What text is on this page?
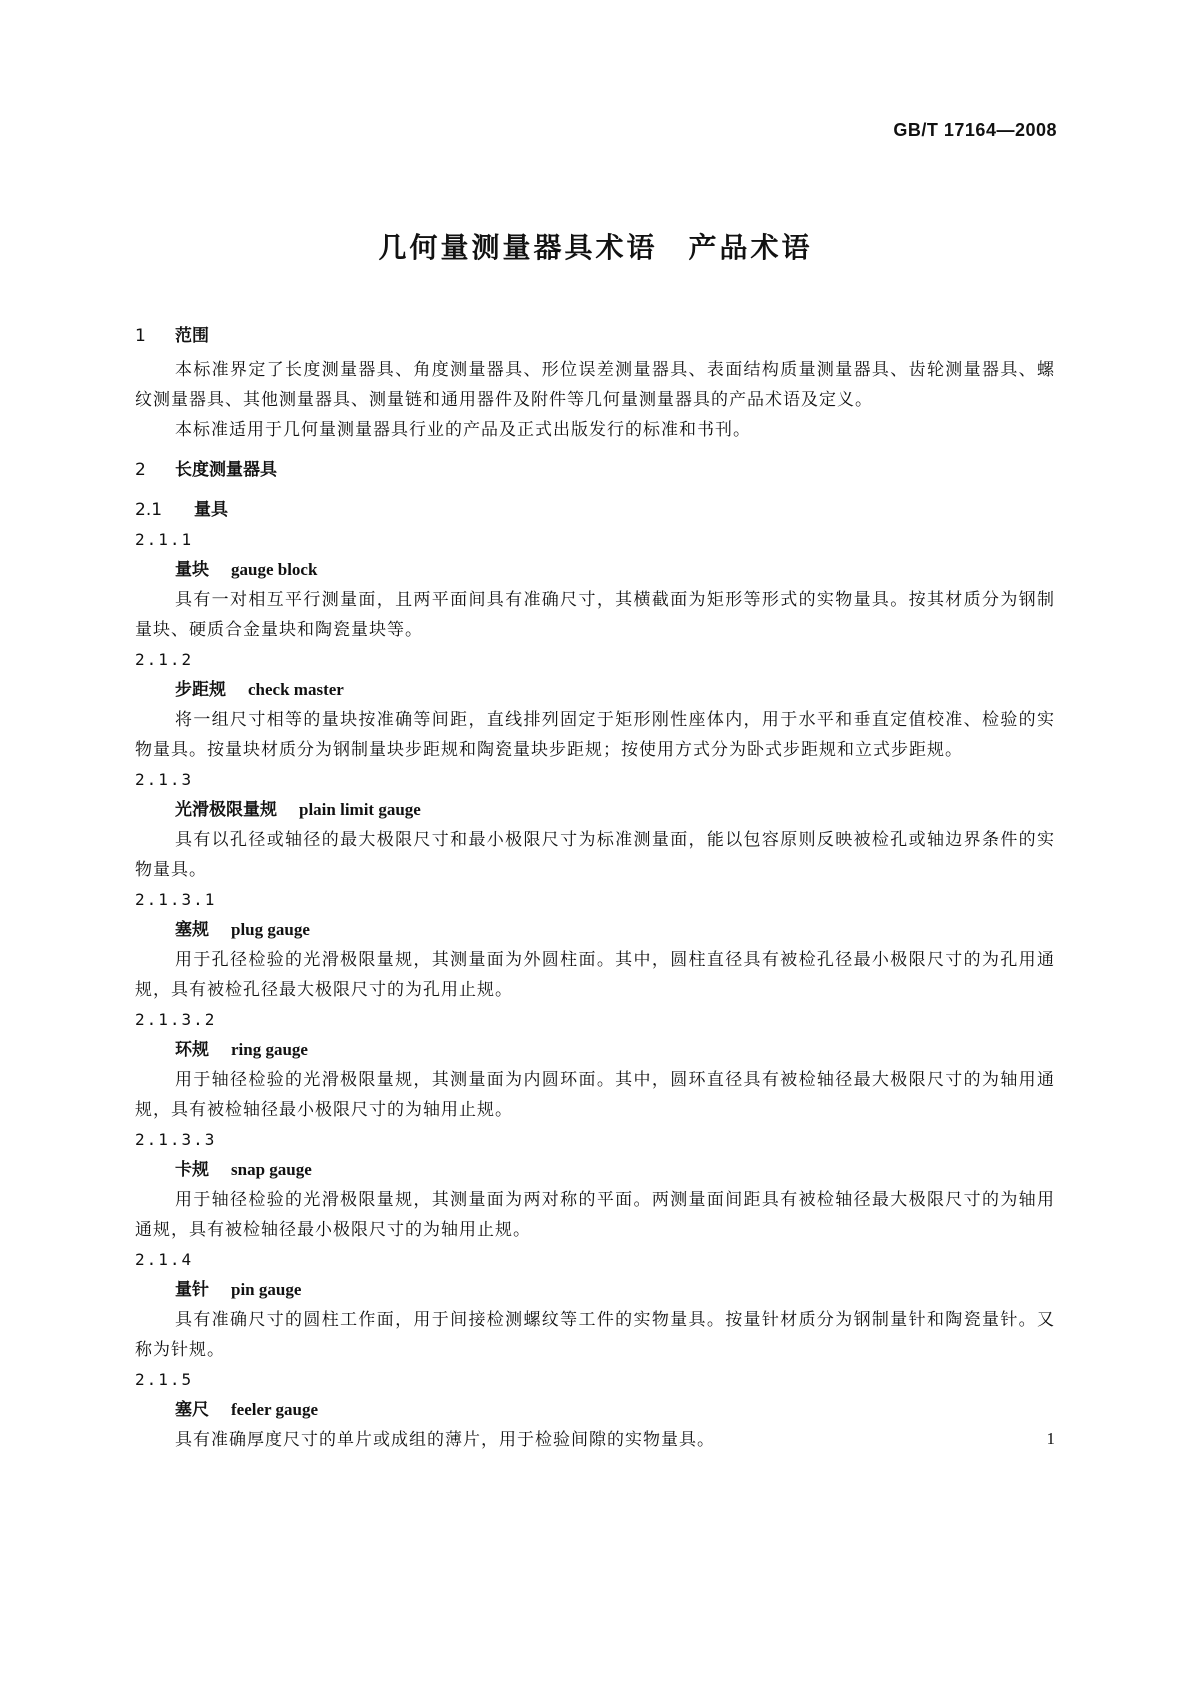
GB/T 17164—2008
几何量测量器具术语　产品术语
1	范围
本标准界定了长度测量器具、角度测量器具、形位误差测量器具、表面结构质量测量器具、齿轮测量器具、螺纹测量器具、其他测量器具、测量链和通用器件及附件等几何量测量器具的产品术语及定义。
本标准适用于几何量测量器具行业的产品及正式出版发行的标准和书刊。
2	长度测量器具
2.1	量具
2.1.1
量块 gauge block
具有一对相互平行测量面，且两平面间具有准确尺寸，其横截面为矩形等形式的实物量具。按其材质分为钢制量块、硬质合金量块和陶瓷量块等。
2.1.2
步距规 check master
将一组尺寸相等的量块按准确等间距，直线排列固定于矩形刚性座体内，用于水平和垂直定值校准、检验的实物量具。按量块材质分为钢制量块步距规和陶瓷量块步距规；按使用方式分为卧式步距规和立式步距规。
2.1.3
光滑极限量规 plain limit gauge
具有以孔径或轴径的最大极限尺寸和最小极限尺寸为标准测量面，能以包容原则反映被检孔或轴边界条件的实物量具。
2.1.3.1
塞规 plug gauge
用于孔径检验的光滑极限量规，其测量面为外圆柱面。其中，圆柱直径具有被检孔径最小极限尺寸的为孔用通规，具有被检孔径最大极限尺寸的为孔用止规。
2.1.3.2
环规 ring gauge
用于轴径检验的光滑极限量规，其测量面为内圆环面。其中，圆环直径具有被检轴径最大极限尺寸的为轴用通规，具有被检轴径最小极限尺寸的为轴用止规。
2.1.3.3
卡规 snap gauge
用于轴径检验的光滑极限量规，其测量面为两对称的平面。两测量面间距具有被检轴径最大极限尺寸的为轴用通规，具有被检轴径最小极限尺寸的为轴用止规。
2.1.4
量针 pin gauge
具有准确尺寸的圆柱工作面，用于间接检测螺纹等工件的实物量具。按量针材质分为钢制量针和陶瓷量针。又称为针规。
2.1.5
塞尺 feeler gauge
具有准确厚度尺寸的单片或成组的薄片，用于检验间隙的实物量具。	1
